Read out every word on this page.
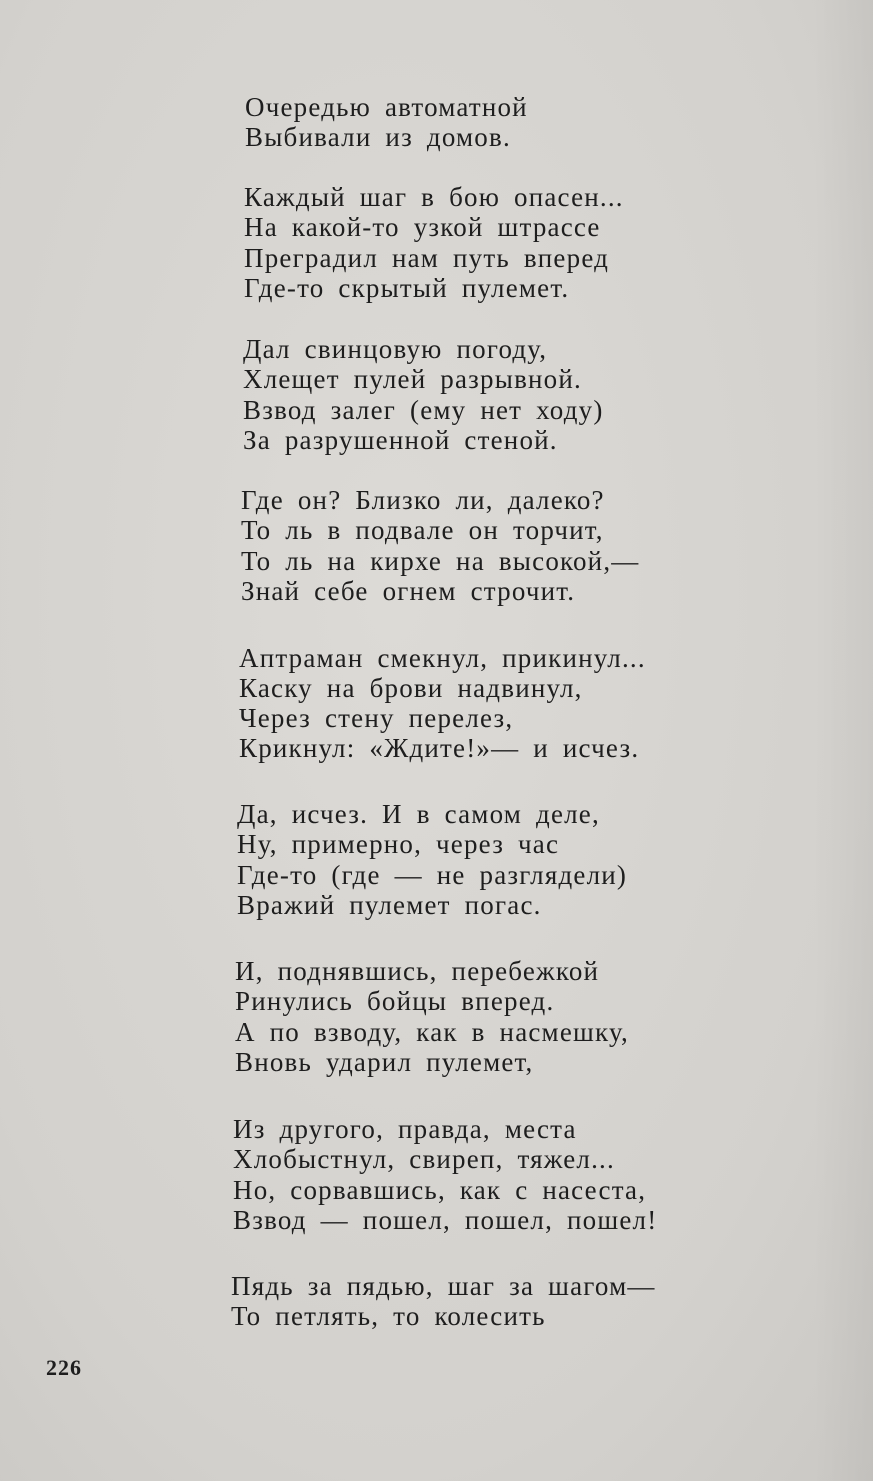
Очередью автоматной
Выбивали из домов.
Каждый шаг в бою опасен...
На какой-то узкой штрассе
Преградил нам путь вперед
Где-то скрытый пулемет.
Дал свинцовую погоду,
Хлещет пулей разрывной.
Взвод залег (ему нет ходу)
За разрушенной стеной.
Где он? Близко ли, далеко?
То ль в подвале он торчит,
То ль на кирхе на высокой,—
Знай себе огнем строчит.
Аптраман смекнул, прикинул...
Каску на брови надвинул,
Через стену перелез,
Крикнул: «Ждите!»— и исчез.
Да, исчез. И в самом деле,
Ну, примерно, через час
Где-то (где — не разглядели)
Вражий пулемет погас.
И, поднявшись, перебежкой
Ринулись бойцы вперед.
А по взводу, как в насмешку,
Вновь ударил пулемет,
Из другого, правда, места
Хлобыстнул, свиреп, тяжел...
Но, сорвавшись, как с насеста,
Взвод — пошел, пошел, пошел!
Пядь за пядью, шаг за шагом—
То петлять, то колесить
226
